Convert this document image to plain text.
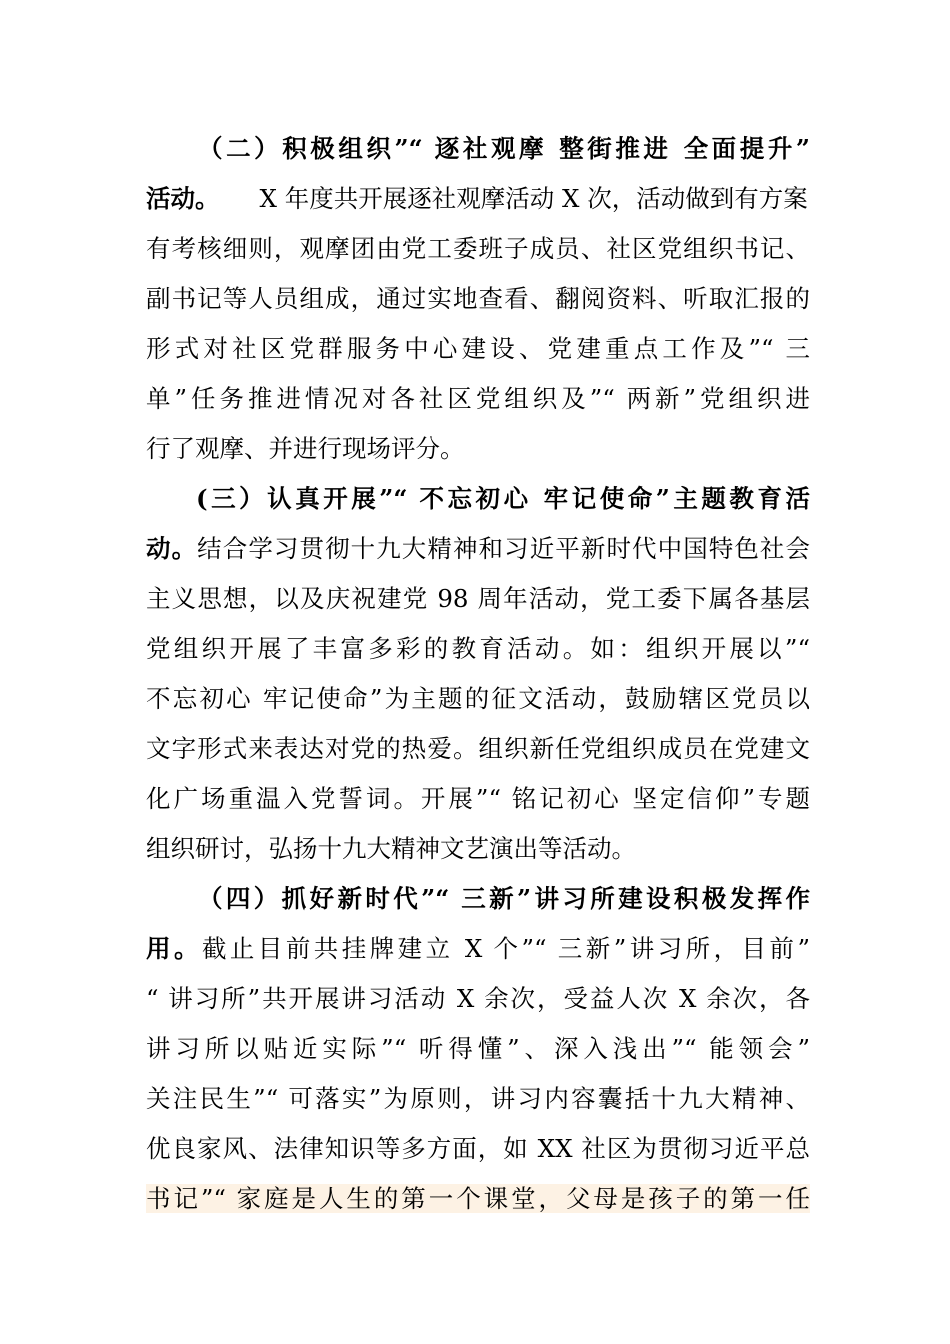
（二）积极组织”“ 逐社观摩 整街推进 全面提升”
活动。 X 年度共开展逐社观摩活动 X 次，活动做到有方案
有考核细则，观摩团由党工委班子成员、社区党组织书记、
副书记等人员组成，通过实地查看、翻阅资料、听取汇报的
形式对社区党群服务中心建设、党建重点工作及”“ 三
单”任务推进情况对各社区党组织及”“ 两新”党组织进
行了观摩、并进行现场评分。
(三）认真开展”“ 不忘初心 牢记使命”主题教育活
动。结合学习贯彻十九大精神和习近平新时代中国特色社会
主义思想，以及庆祝建党 98 周年活动，党工委下属各基层
党组织开展了丰富多彩的教育活动。如：组织开展以”“
不忘初心 牢记使命”为主题的征文活动，鼓励辖区党员以
文字形式来表达对党的热爱。组织新任党组织成员在党建文
化广场重温入党誓词。开展”“ 铭记初心 坚定信仰”专题
组织研讨，弘扬十九大精神文艺演出等活动。
（四）抓好新时代”“ 三新”讲习所建设积极发挥作
用。截止目前共挂牌建立 X 个”“ 三新”讲习所，目前”
“ 讲习所”共开展讲习活动 X 余次，受益人次 X 余次，各
讲习所以贴近实际”“ 听得懂”、深入浅出”“ 能领会”
关注民生”“ 可落实”为原则，讲习内容囊括十九大精神、
优良家风、法律知识等多方面，如 XX 社区为贯彻习近平总
书记”“ 家庭是人生的第一个课堂，父母是孩子的第一任
